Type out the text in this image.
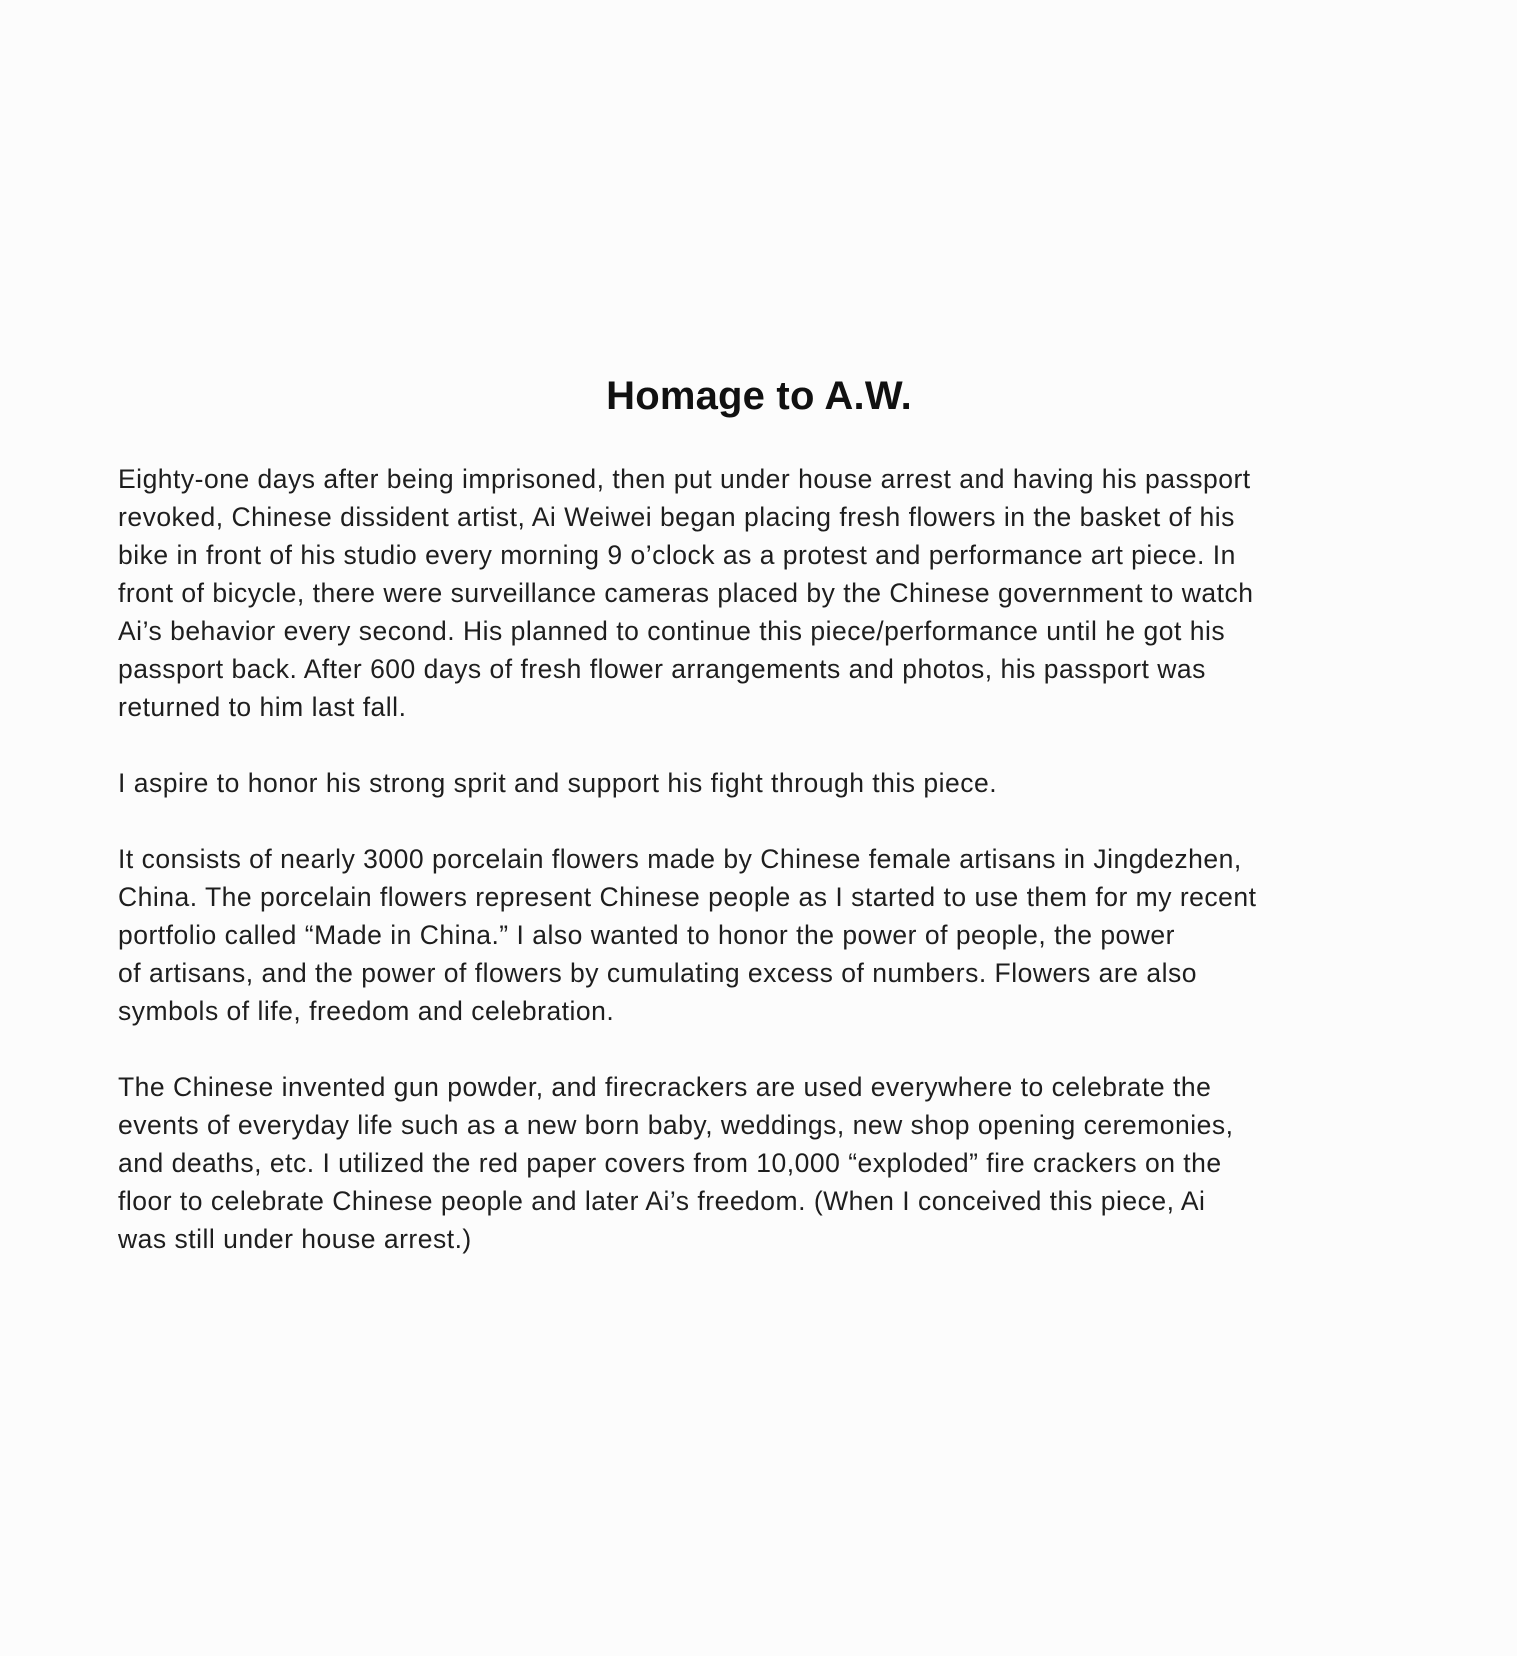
Homage to A.W.

Eighty-one days after being imprisoned, then put under house arrest and having his passport
revoked, Chinese dissident artist, Ai Weiwei began placing fresh flowers in the basket of his
bike in front of his studio every morning 9 o’clock as a protest and performance art piece. In
front of bicycle, there were surveillance cameras placed by the Chinese government to watch
Ai’s behavior every second. His planned to continue this piece/performance until he got his
passport back. After 600 days of fresh flower arrangements and photos, his passport was
returned to him last fall.

I aspire to honor his strong sprit and support his fight through this piece.

It consists of nearly 3000 porcelain flowers made by Chinese female artisans in Jingdezhen,
China. The porcelain flowers represent Chinese people as I started to use them for my recent
portfolio called “Made in China.” I also wanted to honor the power of people, the power
of artisans, and the power of flowers by cumulating excess of numbers. Flowers are also
symbols of life, freedom and celebration.

The Chinese invented gun powder, and firecrackers are used everywhere to celebrate the
events of everyday life such as a new born baby, weddings, new shop opening ceremonies,
and deaths, etc. I utilized the red paper covers from 10,000 “exploded” fire crackers on the
floor to celebrate Chinese people and later Ai’s freedom. (When I conceived this piece, Ai
was still under house arrest.)
